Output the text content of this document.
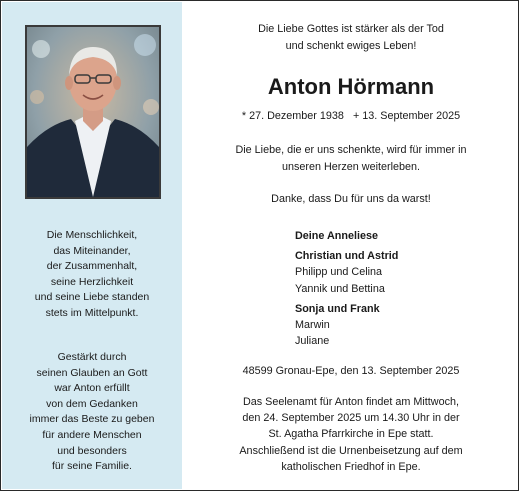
Die Menschlichkeit,
das Miteinander,
der Zusammenhalt,
seine Herzlichkeit
und seine Liebe standen
stets im Mittelpunkt.
Gestärkt durch
seinen Glauben an Gott
war Anton erfüllt
von dem Gedanken
immer das Beste zu geben
für andere Menschen
und besonders
für seine Familie.
Die Liebe Gottes ist stärker als der Tod
und schenkt ewiges Leben!
Anton Hörmann
* 27. Dezember 1938 + 13. September 2025
Die Liebe, die er uns schenkte, wird für immer in
unseren Herzen weiterleben.
Danke, dass Du für uns da warst!
Deine Anneliese
Christian und Astrid
Philipp und Celina
Yannik und Bettina
Sonja und Frank
Marwin
Juliane
48599 Gronau-Epe, den 13. September 2025
Das Seelenamt für Anton findet am Mittwoch,
den 24. September 2025 um 14.30 Uhr in der
St. Agatha Pfarrkirche in Epe statt.
Anschließend ist die Urnenbeisetzung auf dem
katholischen Friedhof in Epe.
